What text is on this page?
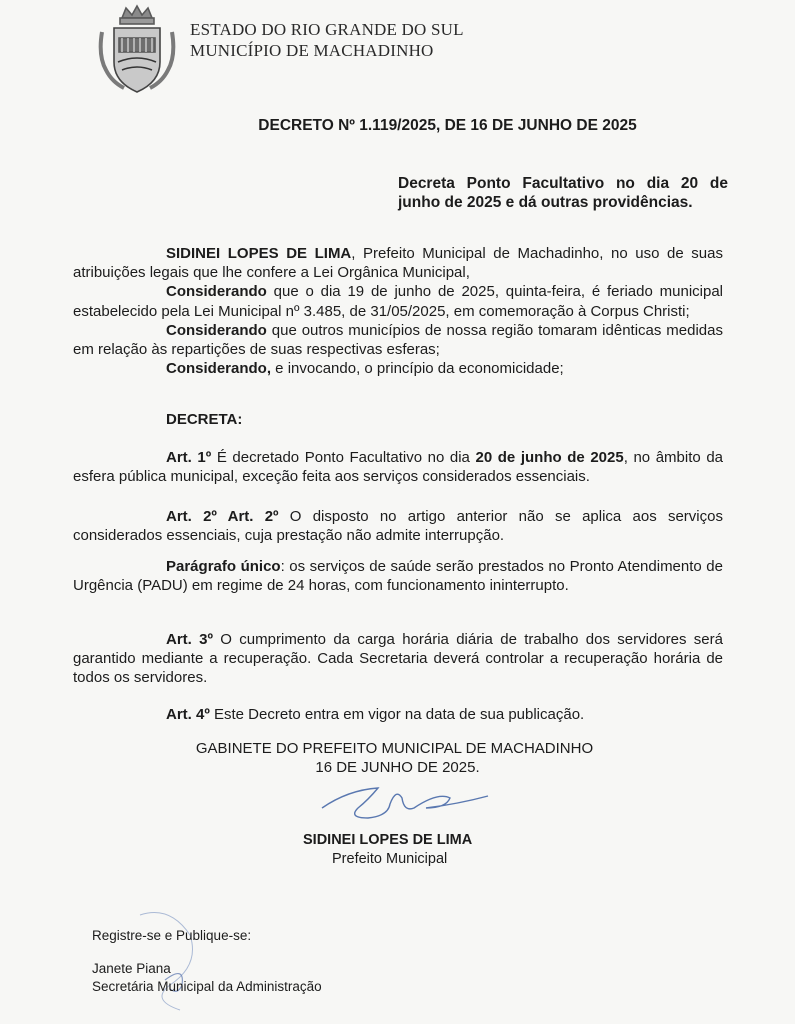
ESTADO DO RIO GRANDE DO SUL
MUNICÍPIO DE MACHADINHO
DECRETO Nº 1.119/2025, DE 16 DE JUNHO DE 2025
Decreta Ponto Facultativo no dia 20 de junho de 2025 e dá outras providências.

SIDINEI LOPES DE LIMA, Prefeito Municipal de Machadinho, no uso de suas atribuições legais que lhe confere a Lei Orgânica Municipal,

Considerando que o dia 19 de junho de 2025, quinta-feira, é feriado municipal estabelecido pela Lei Municipal nº 3.485, de 31/05/2025, em comemoração à Corpus Christi;

Considerando que outros municípios de nossa região tomaram idênticas medidas em relação às repartições de suas respectivas esferas;

Considerando, e invocando, o princípio da economicidade;

DECRETA:

Art. 1º É decretado Ponto Facultativo no dia 20 de junho de 2025, no âmbito da esfera pública municipal, exceção feita aos serviços considerados essenciais.

Art. 2º Art. 2º O disposto no artigo anterior não se aplica aos serviços considerados essenciais, cuja prestação não admite interrupção.

Parágrafo único: os serviços de saúde serão prestados no Pronto Atendimento de Urgência (PADU) em regime de 24 horas, com funcionamento ininterrupto.

Art. 3º O cumprimento da carga horária diária de trabalho dos servidores será garantido mediante a recuperação. Cada Secretaria deverá controlar a recuperação horária de todos os servidores.

Art. 4º Este Decreto entra em vigor na data de sua publicação.

GABINETE DO PREFEITO MUNICIPAL DE MACHADINHO
16 DE JUNHO DE 2025.
SIDINEI LOPES DE LIMA
Prefeito Municipal
Registre-se e Publique-se:
Janete Piana
Secretária Municipal da Administração
